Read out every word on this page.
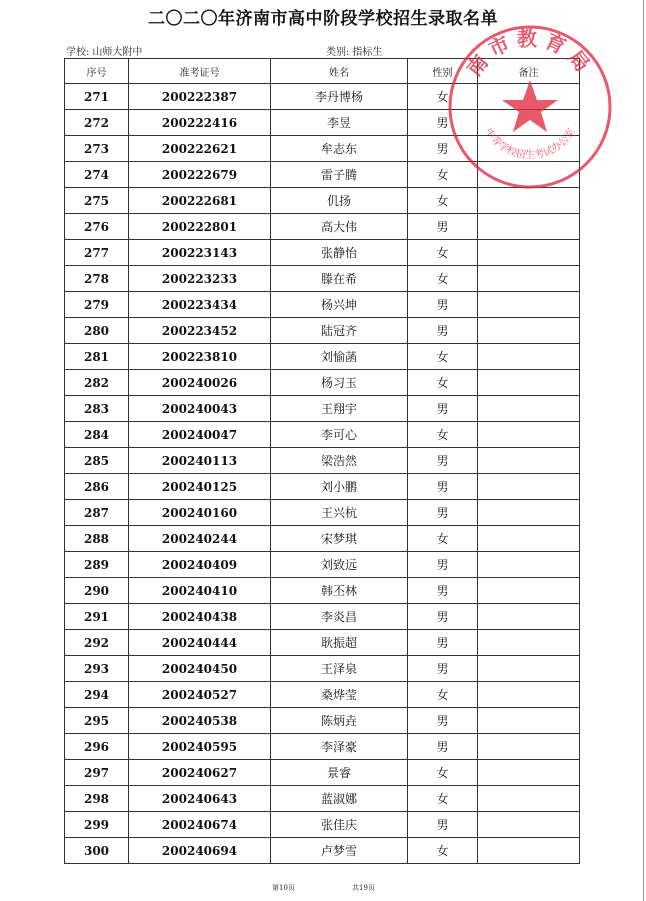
二〇二〇年济南市高中阶段学校招生录取名单
学校: 山师大附中	类别: 指标生
序号	准考证号	姓名	性别	备注
271	200222387	李丹博杨	女	
272	200222416	李昱	男	
273	200222621	牟志东	男	
274	200222679	雷子腾	女	
275	200222681	仉扬	女	
276	200222801	高大伟	男	
277	200223143	张静怡	女	
278	200223233	滕在希	女	
279	200223434	杨兴坤	男	
280	200223452	陆冠齐	男	
281	200223810	刘愉菡	女	
282	200240026	杨习玉	女	
283	200240043	王翔宇	男	
284	200240047	李可心	女	
285	200240113	梁浩然	男	
286	200240125	刘小鹏	男	
287	200240160	王兴杭	男	
288	200240244	宋梦琪	女	
289	200240409	刘致远	男	
290	200240410	韩丕林	男	
291	200240438	李炎昌	男	
292	200240444	耿振超	男	
293	200240450	王泽泉	男	
294	200240527	桑烨莹	女	
295	200240538	陈炳垚	男	
296	200240595	李泽豪	男	
297	200240627	景睿	女	
298	200240643	蓝淑娜	女	
299	200240674	张佳庆	男	
300	200240694	卢梦雪	女	
南市教育局
中等学校招生考试办公室
第10页	共19页
